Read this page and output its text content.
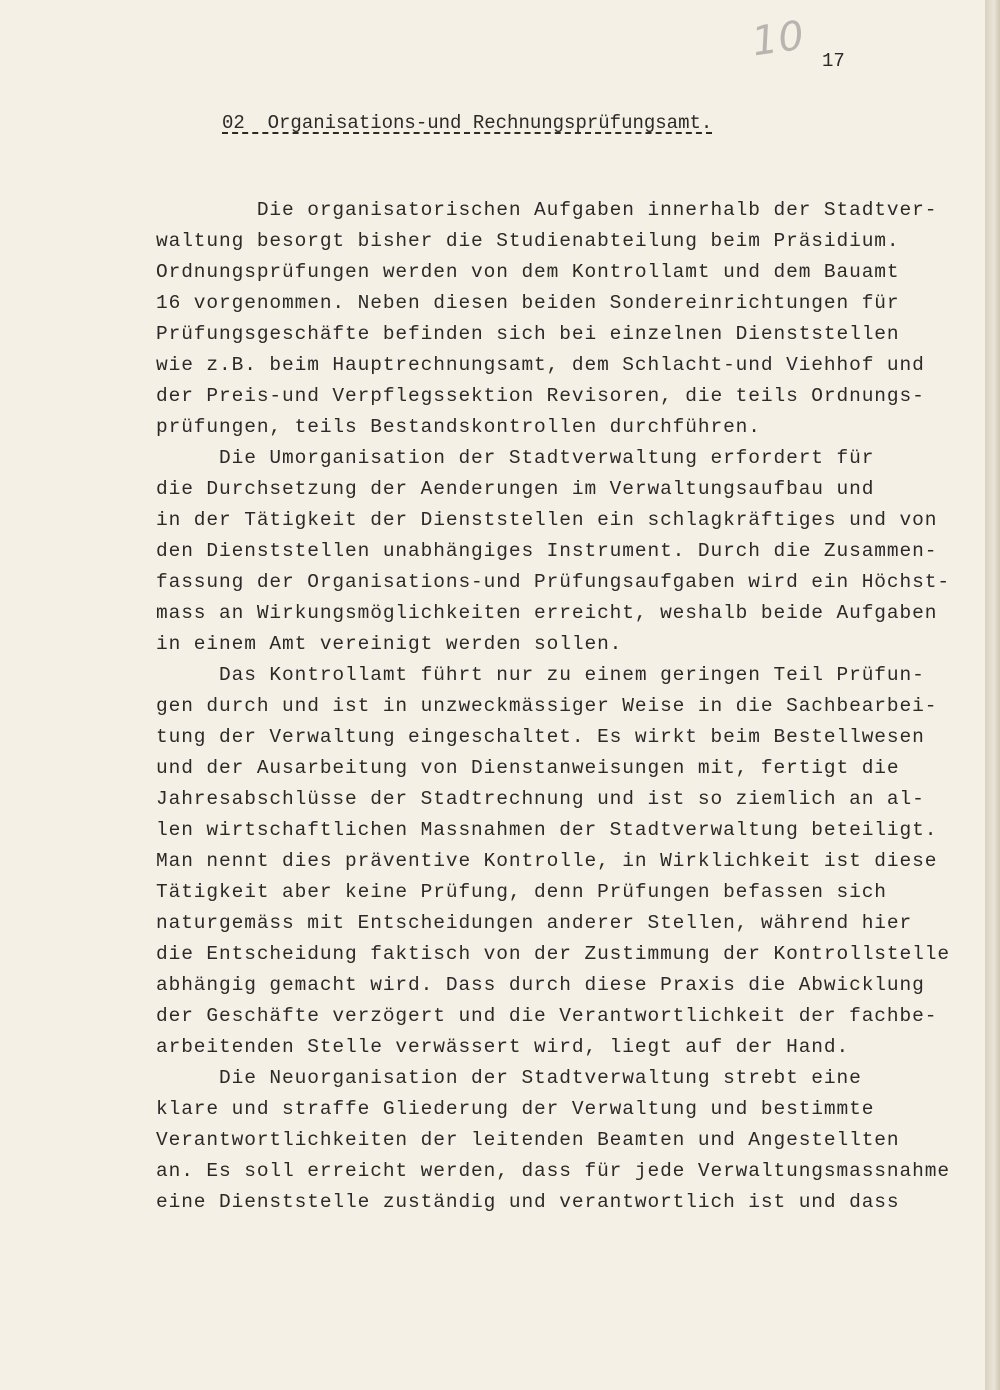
10 17
02  Organisations-und Rechnungsprüfungsamt.
Die organisatorischen Aufgaben innerhalb der Stadtver-
waltung besorgt bisher die Studienabteilung beim Präsidium.
Ordnungsprüfungen werden von dem Kontrollamt und dem Bauamt
16 vorgenommen. Neben diesen beiden Sondereinrichtungen für
Prüfungsgeschäfte befinden sich bei einzelnen Dienststellen
wie z.B. beim Hauptrechnungsamt, dem Schlacht-und Viehhof und
der Preis-und Verpflegssektion Revisoren, die teils Ordnungs-
prüfungen, teils Bestandskontrollen durchführen.
Die Umorganisation der Stadtverwaltung erfordert für
die Durchsetzung der Aenderungen im Verwaltungsaufbau und
in der Tätigkeit der Dienststellen ein schlagkräftiges und von
den Dienststellen unabhängiges Instrument. Durch die Zusammen-
fassung der Organisations-und Prüfungsaufgaben wird ein Höchst-
mass an Wirkungsmöglichkeiten erreicht, weshalb beide Aufgaben
in einem Amt vereinigt werden sollen.
Das Kontrollamt führt nur zu einem geringen Teil Prüfun-
gen durch und ist in unzweckmässiger Weise in die Sachbearbei-
tung der Verwaltung eingeschaltet. Es wirkt beim Bestellwesen
und der Ausarbeitung von Dienstanweisungen mit, fertigt die
Jahresabschlüsse der Stadtrechnung und ist so ziemlich an al-
len wirtschaftlichen Massnahmen der Stadtverwaltung beteiligt.
Man nennt dies präventive Kontrolle, in Wirklichkeit ist diese
Tätigkeit aber keine Prüfung, denn Prüfungen befassen sich
naturgemäss mit Entscheidungen anderer Stellen, während hier
die Entscheidung faktisch von der Zustimmung der Kontrollstelle
abhängig gemacht wird. Dass durch diese Praxis die Abwicklung
der Geschäfte verzögert und die Verantwortlichkeit der fachbe-
arbeitenden Stelle verwässert wird, liegt auf der Hand.
Die Neuorganisation der Stadtverwaltung strebt eine
klare und straffe Gliederung der Verwaltung und bestimmte
Verantwortlichkeiten der leitenden Beamten und Angestellten
an. Es soll erreicht werden, dass für jede Verwaltungsmassnahme
eine Dienststelle zuständig und verantwortlich ist und dass
